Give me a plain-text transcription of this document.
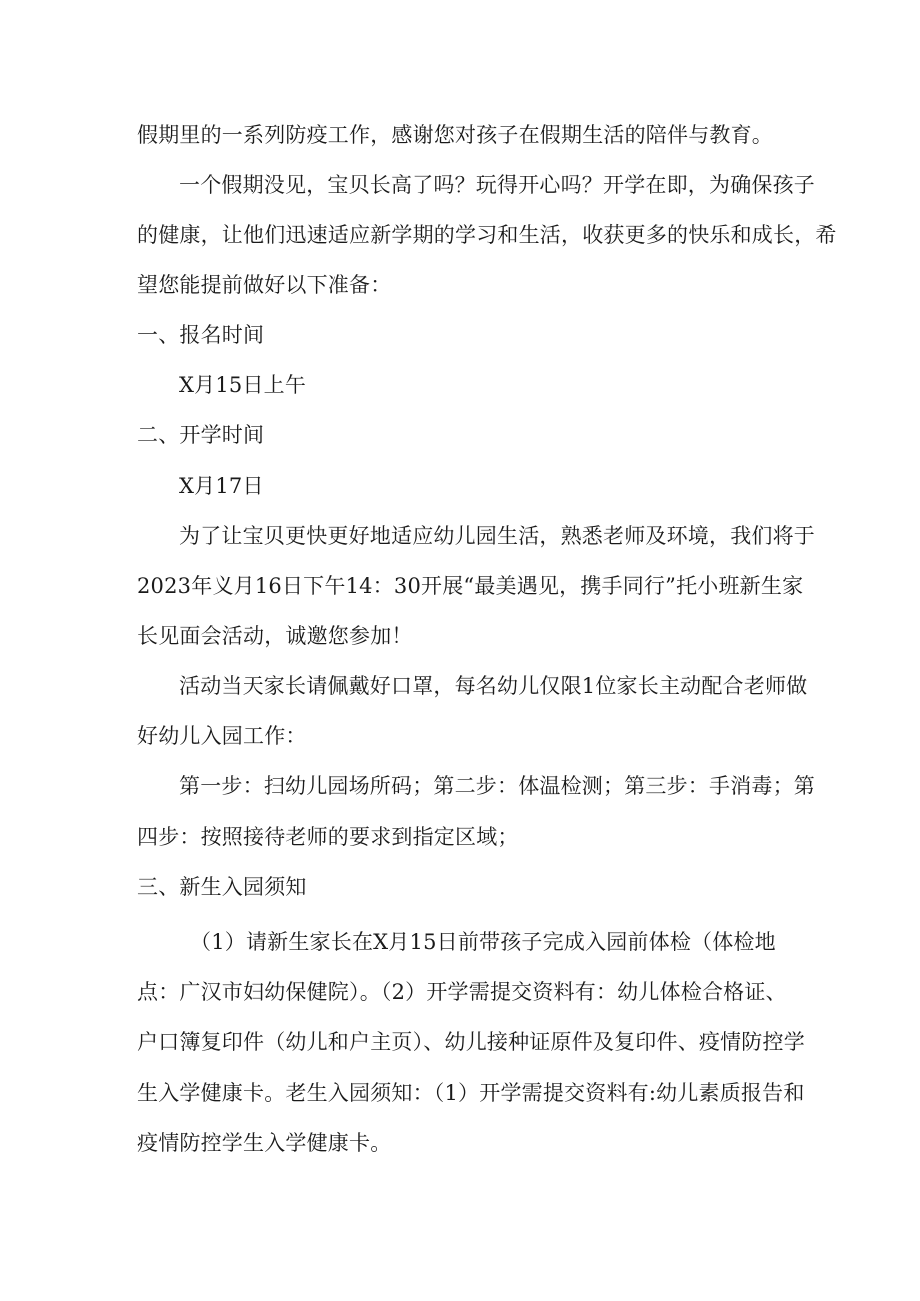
假期里的一系列防疫工作，感谢您对孩子在假期生活的陪伴与教育。
一个假期没见，宝贝长高了吗？玩得开心吗？开学在即，为确保孩子
的健康，让他们迅速适应新学期的学习和生活，收获更多的快乐和成长，希
望您能提前做好以下准备：
一、报名时间
X月15日上午
二、开学时间
X月17日
为了让宝贝更快更好地适应幼儿园生活，熟悉老师及环境，我们将于
2023年义月16日下午14：30开展“最美遇见，携手同行”托小班新生家
长见面会活动，诚邀您参加！
活动当天家长请佩戴好口罩，每名幼儿仅限1位家长主动配合老师做
好幼儿入园工作：
第一步：扫幼儿园场所码；第二步：体温检测；第三步：手消毒；第
四步：按照接待老师的要求到指定区域；
三、新生入园须知
（1）请新生家长在X月15日前带孩子完成入园前体检（体检地
点：广汉市妇幼保健院）。（2）开学需提交资料有：幼儿体检合格证、
户口簿复印件（幼儿和户主页）、幼儿接种证原件及复印件、疫情防控学
生入学健康卡。老生入园须知：（1）开学需提交资料有:幼儿素质报告和
疫情防控学生入学健康卡。
